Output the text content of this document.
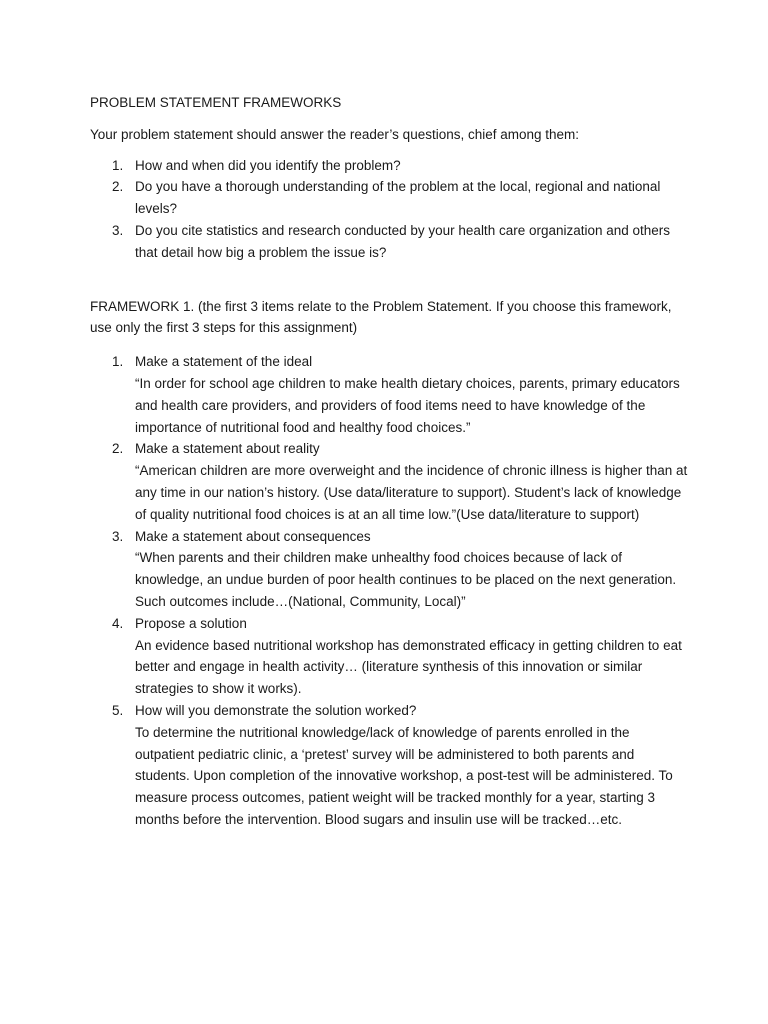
PROBLEM STATEMENT FRAMEWORKS

Your problem statement should answer the reader’s questions, chief among them:

1. How and when did you identify the problem?
2. Do you have a thorough understanding of the problem at the local, regional and national levels?
3. Do you cite statistics and research conducted by your health care organization and others that detail how big a problem the issue is?

FRAMEWORK 1. (the first 3 items relate to the Problem Statement. If you choose this framework, use only the first 3 steps for this assignment)

1. Make a statement of the ideal
“In order for school age children to make health dietary choices, parents, primary educators and health care providers, and providers of food items need to have knowledge of the importance of nutritional food and healthy food choices.”
2. Make a statement about reality
“American children are more overweight and the incidence of chronic illness is higher than at any time in our nation’s history. (Use data/literature to support). Student’s lack of knowledge of quality nutritional food choices is at an all time low.”(Use data/literature to support)
3. Make a statement about consequences
“When parents and their children make unhealthy food choices because of lack of knowledge, an undue burden of poor health continues to be placed on the next generation. Such outcomes include…(National, Community, Local)”
4. Propose a solution
An evidence based nutritional workshop has demonstrated efficacy in getting children to eat better and engage in health activity… (literature synthesis of this innovation or similar strategies to show it works).
5. How will you demonstrate the solution worked?
To determine the nutritional knowledge/lack of knowledge of parents enrolled in the outpatient pediatric clinic, a ‘pretest’ survey will be administered to both parents and students. Upon completion of the innovative workshop, a post-test will be administered. To measure process outcomes, patient weight will be tracked monthly for a year, starting 3 months before the intervention. Blood sugars and insulin use will be tracked…etc.
